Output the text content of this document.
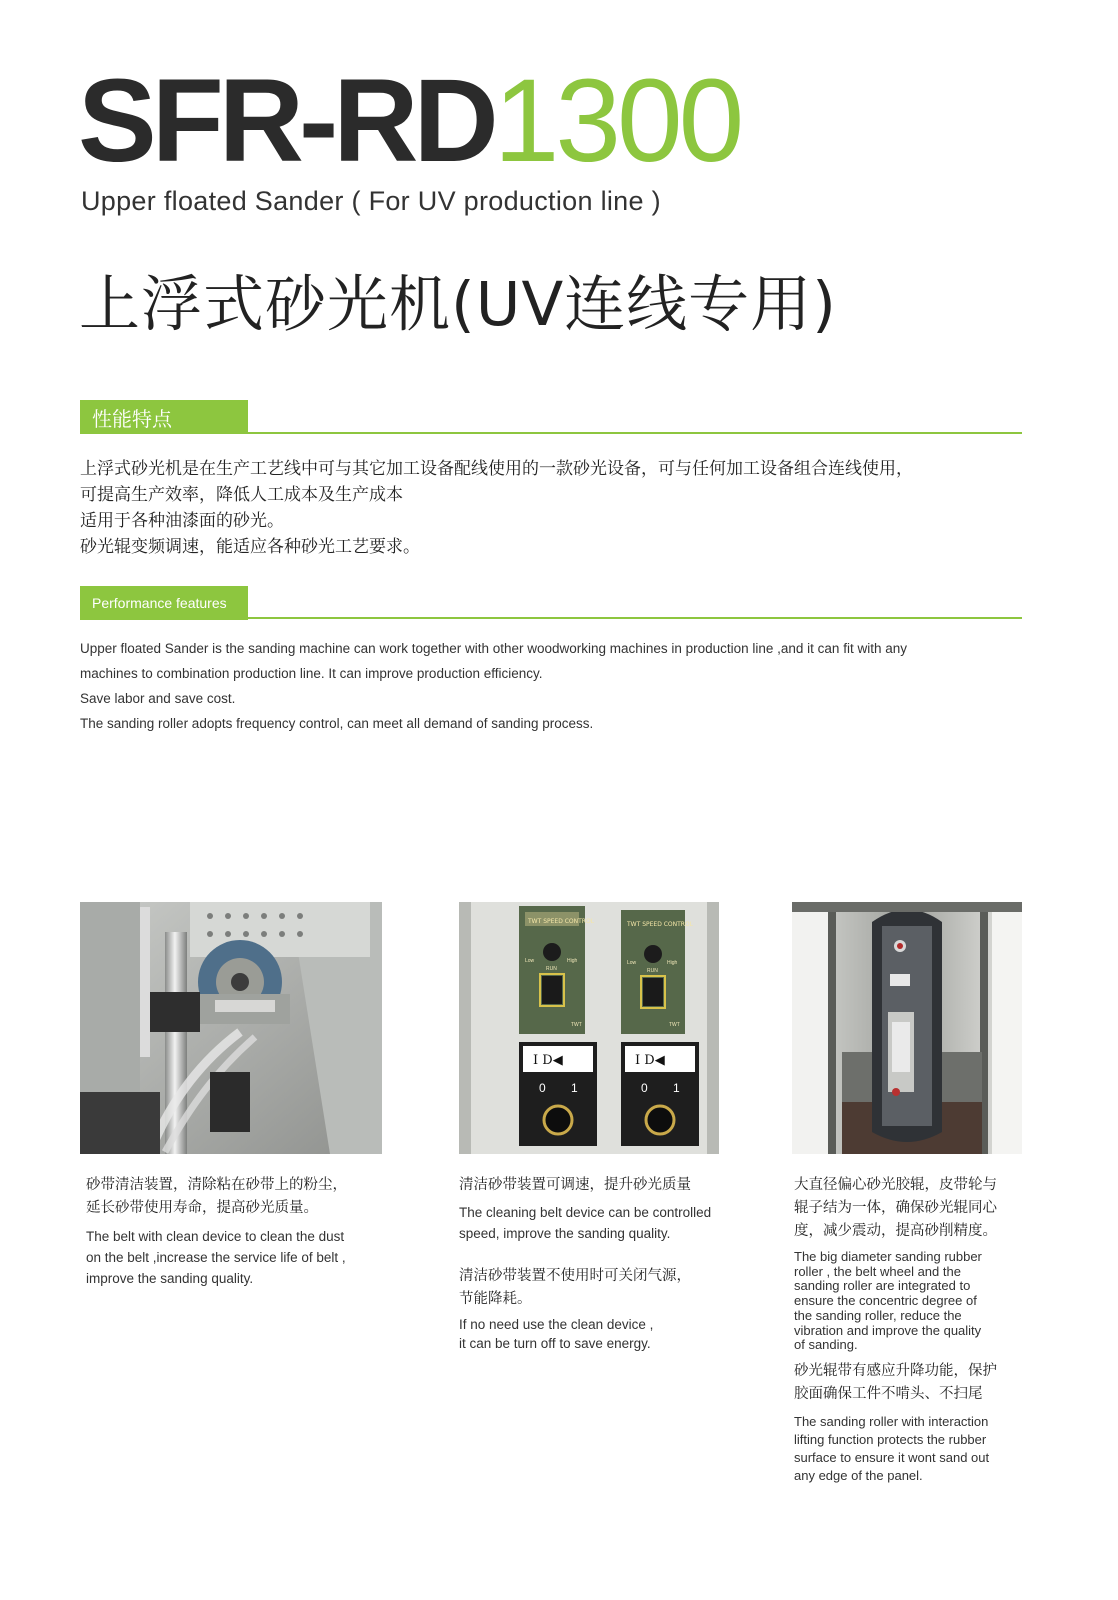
SFR-RD1300
Upper floated Sander ( For UV production line )
上浮式砂光机(UV连线专用)
性能特点
上浮式砂光机是在生产工艺线中可与其它加工设备配线使用的一款砂光设备，可与任何加工设备组合连线使用，
可提高生产效率，降低人工成本及生产成本
适用于各种油漆面的砂光。
砂光辊变频调速，能适应各种砂光工艺要求。
Performance features
Upper floated Sander is the sanding machine can work together with other woodworking machines in production line ,and it can fit with any
machines to combination production line. It can improve production efficiency.
Save labor and save cost.
The sanding roller adopts frequency control, can meet all demand of sanding process.
TWT SPEED CONTROL
Low	High
RUN
TWT
TWT SPEED CONTROL
Low	High
RUN
TWT
I D◀
0 1
I D◀
0 1
砂带清洁装置，清除粘在砂带上的粉尘，
延长砂带使用寿命，提高砂光质量。
The belt with clean device to clean the dust
on the belt ,increase the service life of belt ,
improve the sanding quality.
清洁砂带装置可调速，提升砂光质量
The cleaning belt device can be controlled
speed, improve the sanding quality.
清洁砂带装置不使用时可关闭气源，
节能降耗。
If no need use the clean device ,
it can be turn off to save energy.
大直径偏心砂光胶辊，皮带轮与
辊子结为一体，确保砂光辊同心
度，减少震动，提高砂削精度。
The big diameter sanding rubber
roller , the belt wheel and the
sanding roller are integrated to
ensure the concentric degree of
the sanding roller, reduce the
vibration and improve the quality
of sanding.
砂光辊带有感应升降功能，保护
胶面确保工件不啃头、不扫尾
The sanding roller with interaction
lifting function protects the rubber
surface to ensure it wont sand out
any edge of the panel.
